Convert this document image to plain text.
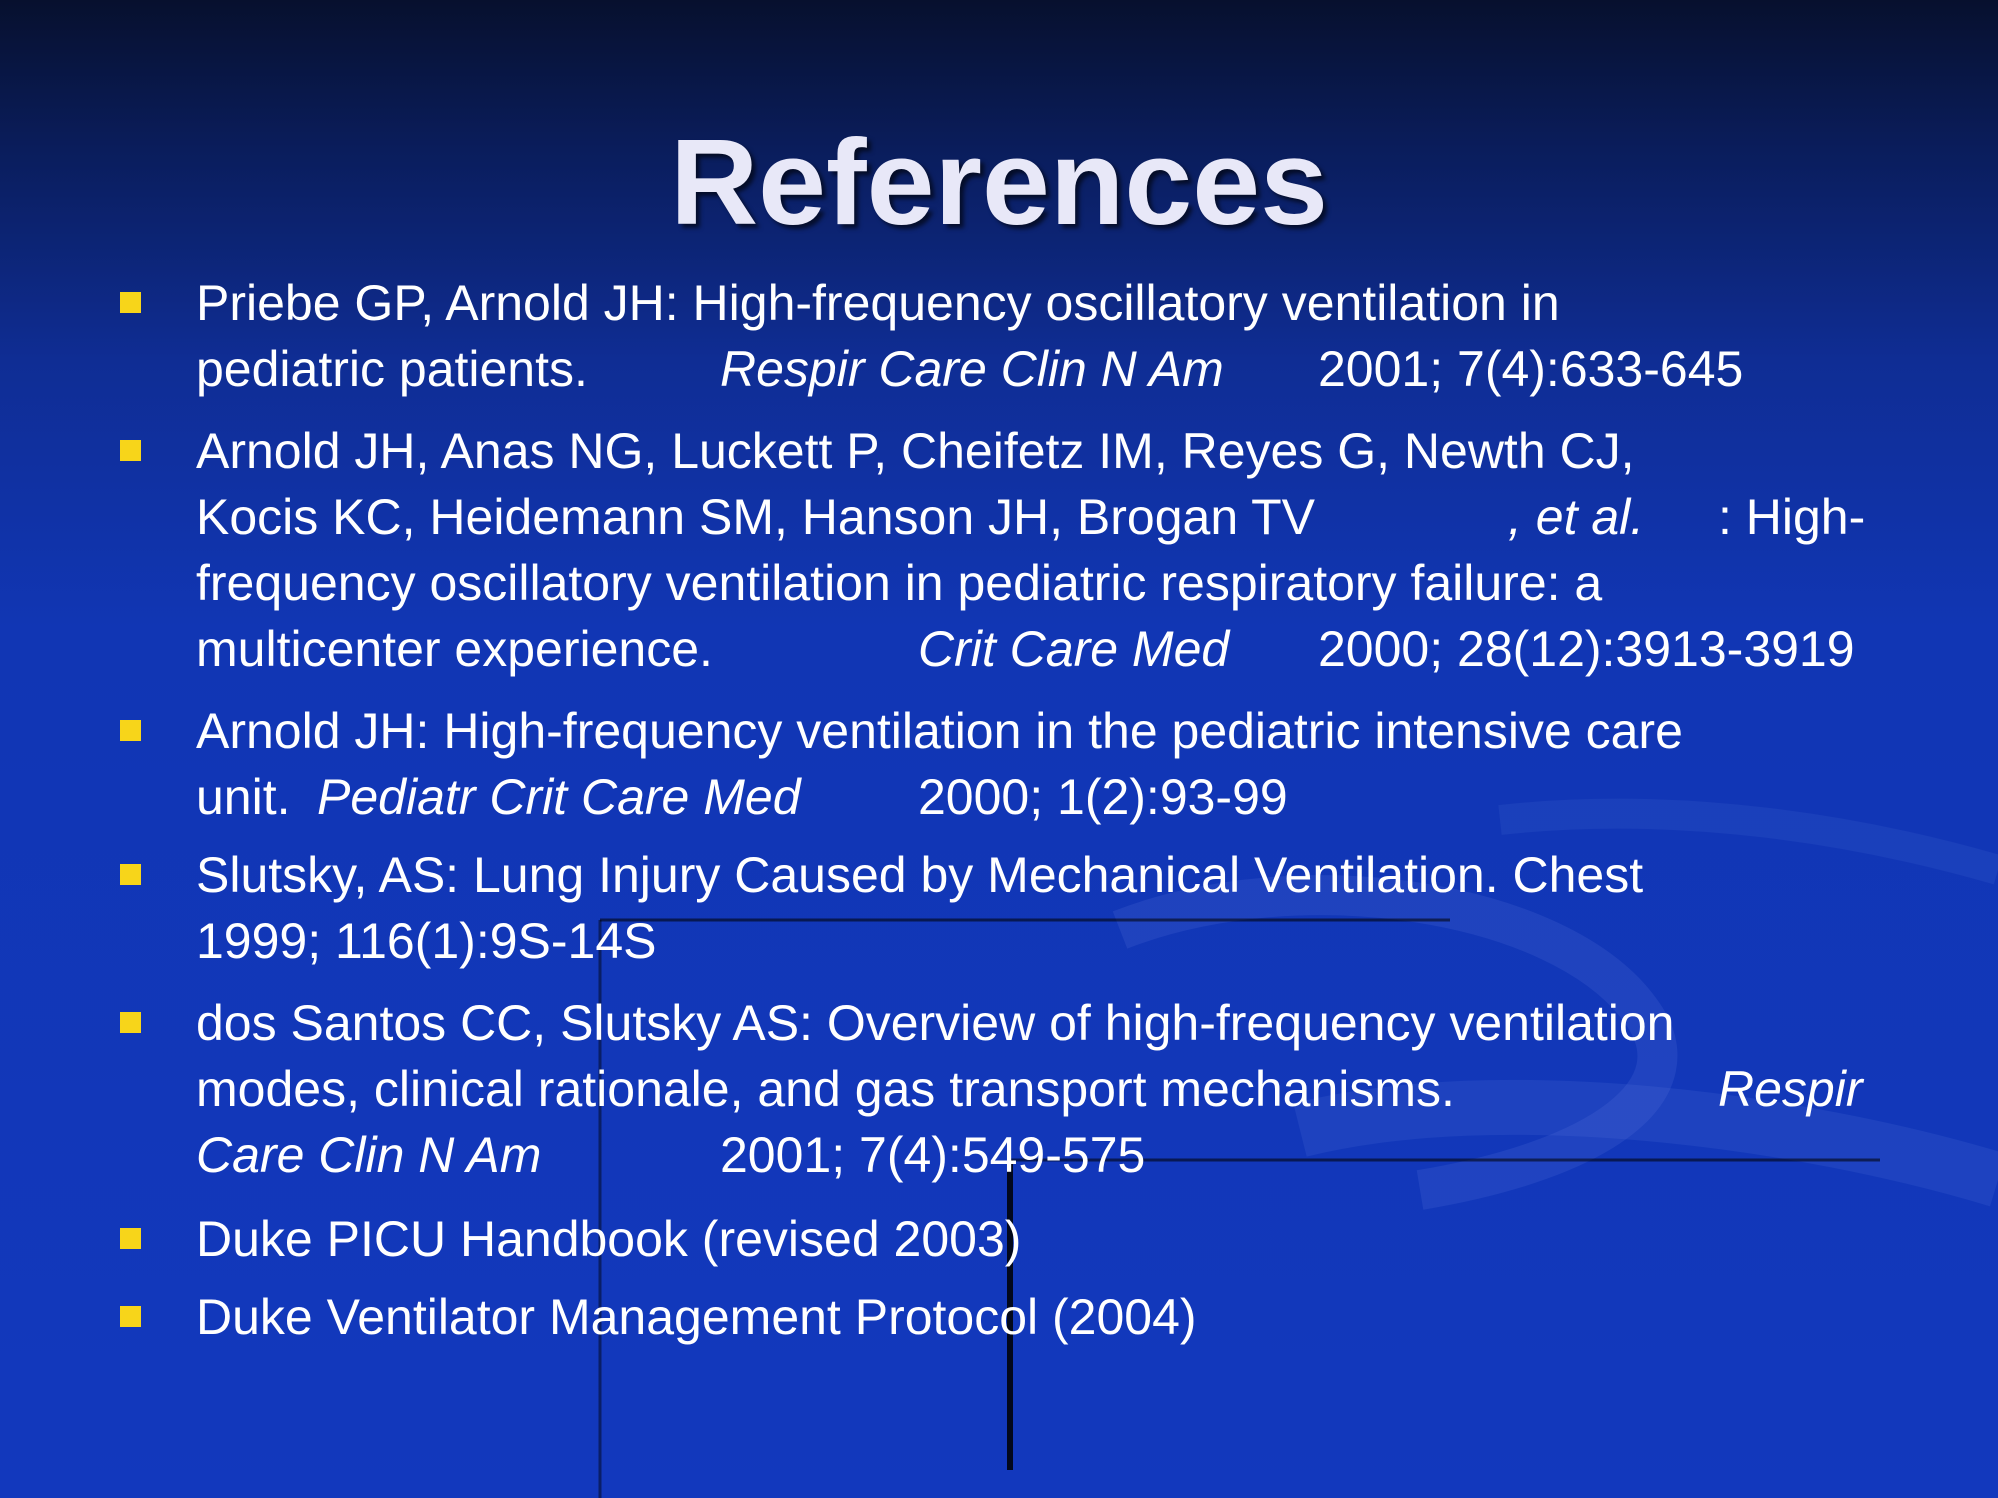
References
Priebe GP, Arnold JH: High-frequency oscillatory ventilation in
pediatric patients.	Respir Care Clin N Am 2001; 7(4):633-645
Arnold JH, Anas NG, Luckett P, Cheifetz IM, Reyes G, Newth CJ,
Kocis KC, Heidemann SM, Hanson JH, Brogan TV	, et al. : High-
frequency oscillatory ventilation in pediatric respiratory failure: a
multicenter experience.	Crit Care Med 2000; 28(12):3913-3919
Arnold JH: High-frequency ventilation in the pediatric intensive care
unit. Pediatr Crit Care Med 2000; 1(2):93-99
Slutsky, AS: Lung Injury Caused by Mechanical Ventilation. Chest
1999; 116(1):9S-14S
dos Santos CC, Slutsky AS: Overview of high-frequency ventilation
modes, clinical rationale, and gas transport mechanisms.	Respir
Care Clin N Am	2001; 7(4):549-575
Duke PICU Handbook (revised 2003)
Duke Ventilator Management Protocol (2004)
